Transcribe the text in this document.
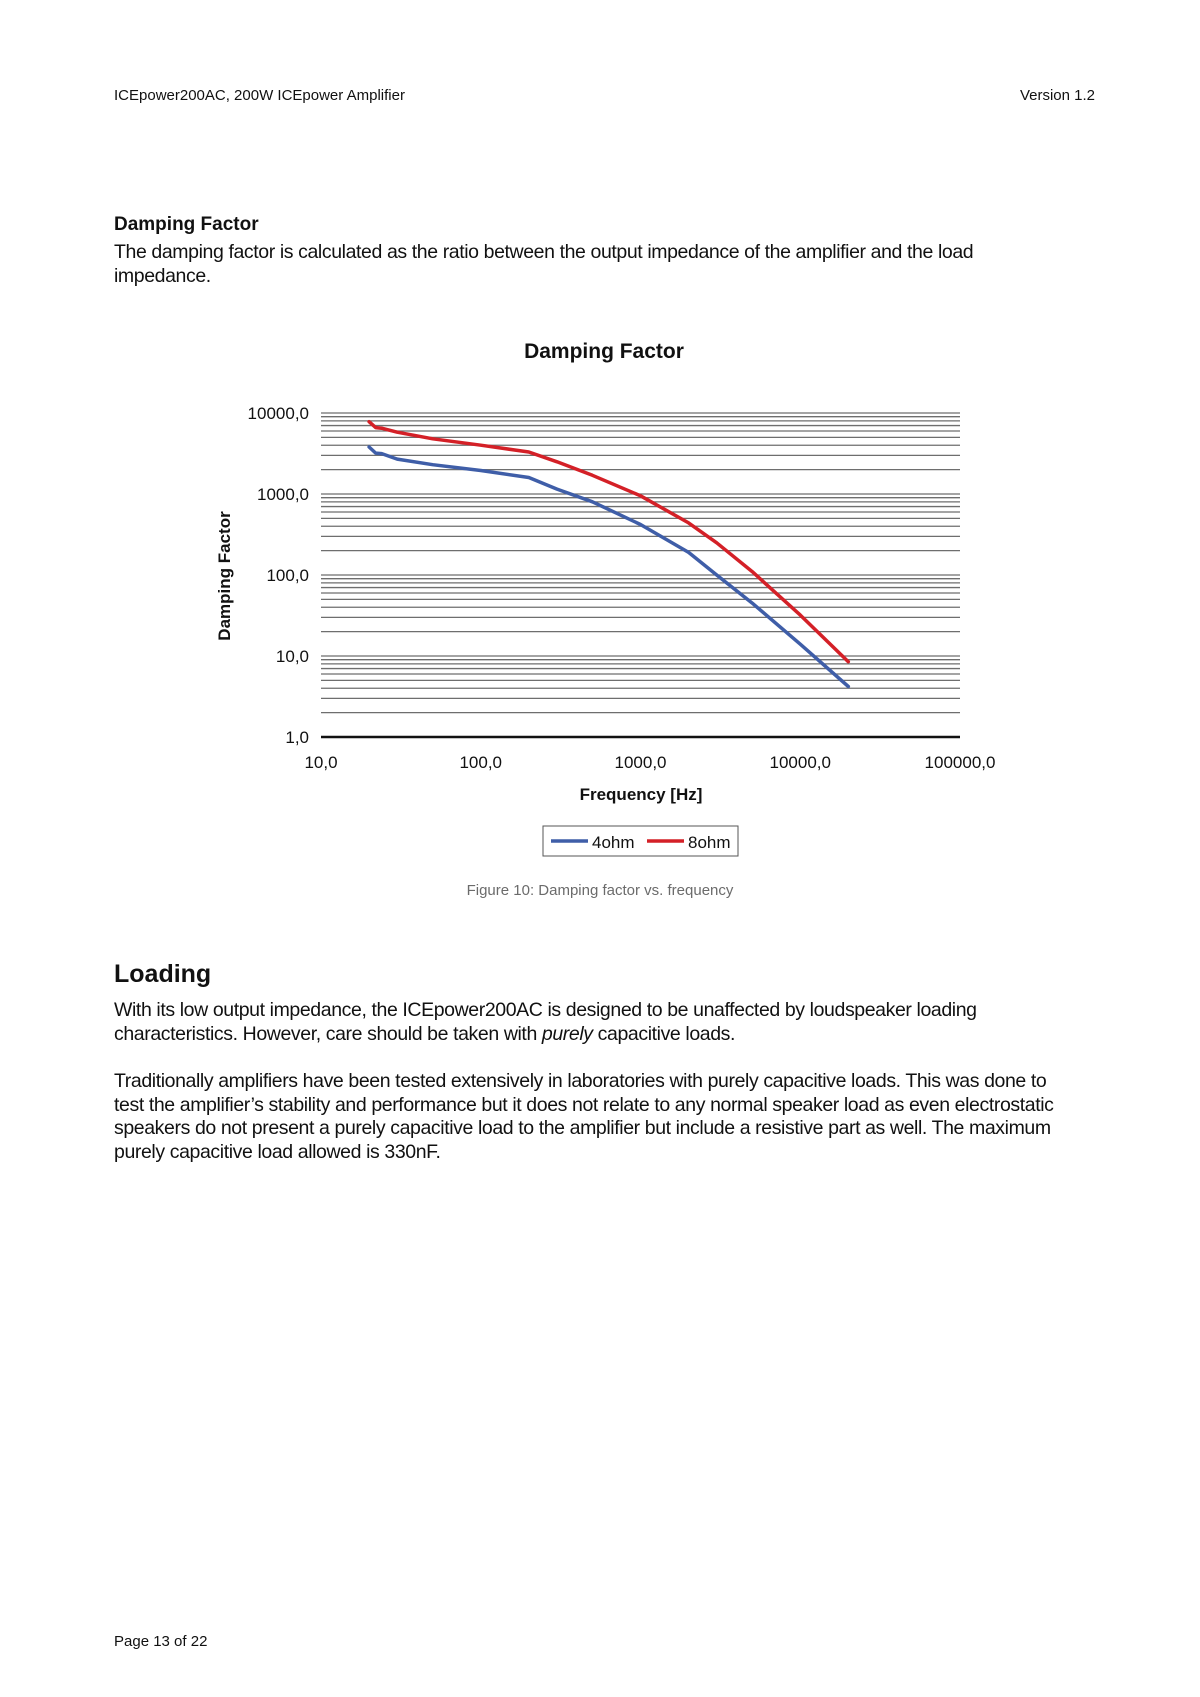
ICEpower200AC, 200W ICEpower Amplifier	Version 1.2
Damping Factor
The damping factor is calculated as the ratio between the output impedance of the amplifier and the load impedance.
Damping Factor
10000,0
1000,0
100,0
10,0
1,0
10,0	100,0	1000,0	10000,0	100000,0
Damping Factor
Frequency [Hz]
4ohm	8ohm
Figure 10: Damping factor vs. frequency
Loading
With its low output impedance, the ICEpower200AC is designed to be unaffected by loudspeaker loading characteristics. However, care should be taken with purely capacitive loads.
Traditionally amplifiers have been tested extensively in laboratories with purely capacitive loads. This was done to test the amplifier’s stability and performance but it does not relate to any normal speaker load as even electrostatic speakers do not present a purely capacitive load to the amplifier but include a resistive part as well. The maximum purely capacitive load allowed is 330nF.
Page 13 of 22
